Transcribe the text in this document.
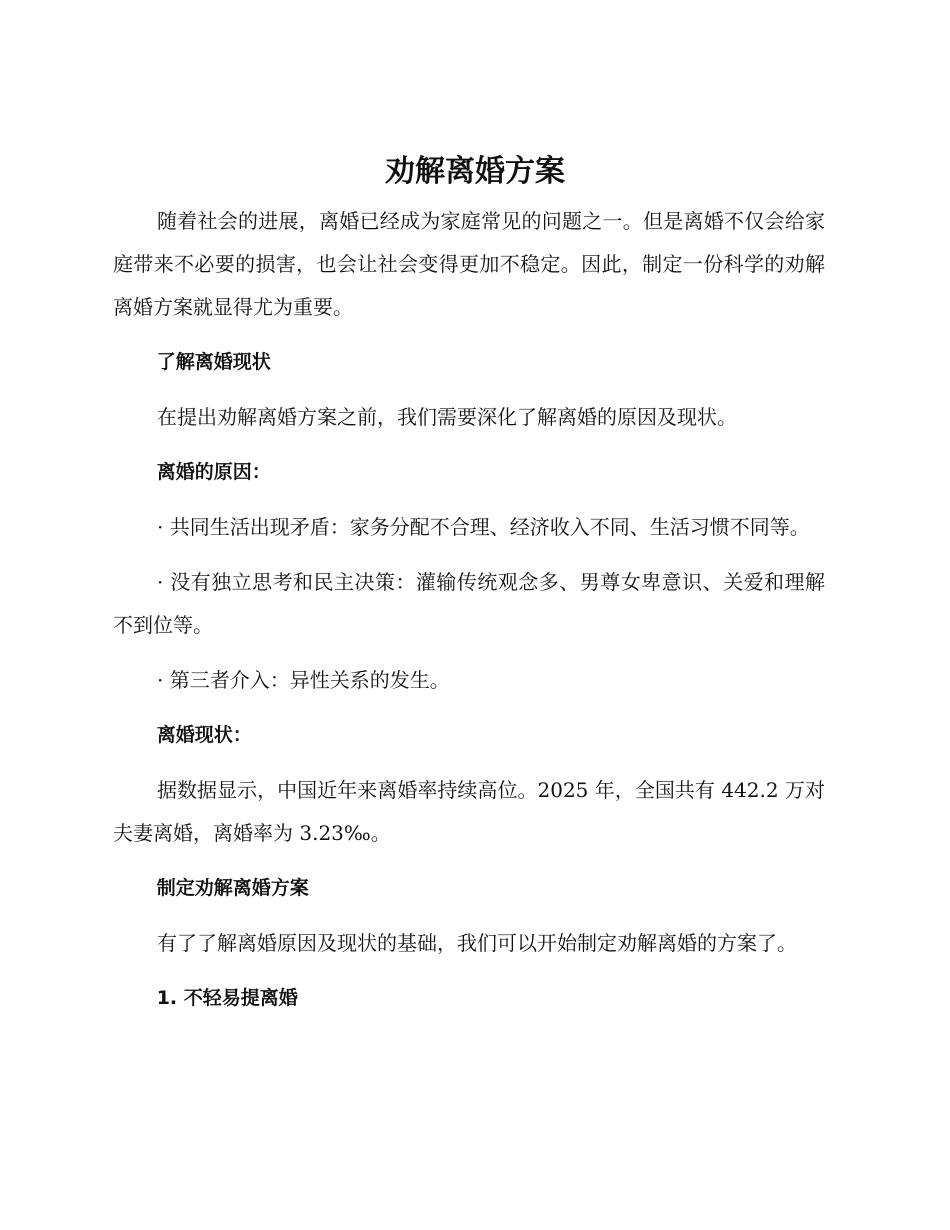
劝解离婚方案

随着社会的进展，离婚已经成为家庭常见的问题之一。但是离婚不仅会给家庭带来不必要的损害，也会让社会变得更加不稳定。因此，制定一份科学的劝解离婚方案就显得尤为重要。

了解离婚现状

在提出劝解离婚方案之前，我们需要深化了解离婚的原因及现状。

离婚的原因：

· 共同生活出现矛盾：家务分配不合理、经济收入不同、生活习惯不同等。

· 没有独立思考和民主决策：灌输传统观念多、男尊女卑意识、关爱和理解不到位等。

· 第三者介入：异性关系的发生。

离婚现状：

据数据显示，中国近年来离婚率持续高位。2025 年，全国共有 442.2 万对夫妻离婚，离婚率为 3.23‰。

制定劝解离婚方案

有了了解离婚原因及现状的基础，我们可以开始制定劝解离婚的方案了。

1. 不轻易提离婚
